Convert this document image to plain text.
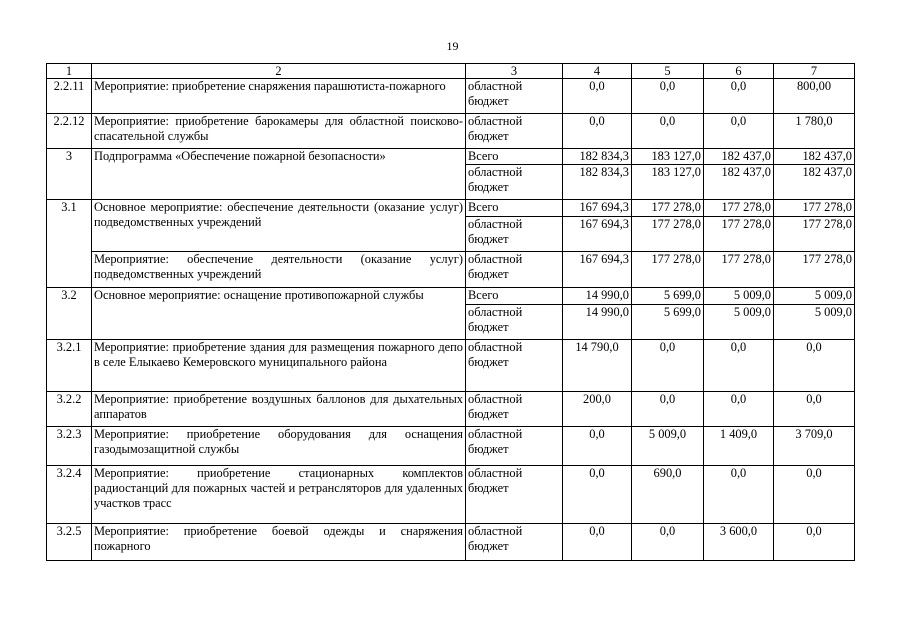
19
1	2	3	4	5	6	7
2.2.11	Мероприятие: приобретение снаряжения парашютиста-пожарного	областной бюджет	0,0	0,0	0,0	800,00
2.2.12	Мероприятие: приобретение барокамеры для областной поисково-спасательной службы	областной бюджет	0,0	0,0	0,0	1 780,0
3	Подпрограмма «Обеспечение пожарной безопасности»	Всего	182 834,3	183 127,0	182 437,0	182 437,0
		областной бюджет	182 834,3	183 127,0	182 437,0	182 437,0
3.1	Основное мероприятие: обеспечение деятельности (оказание услуг) подведомственных учреждений	Всего	167 694,3	177 278,0	177 278,0	177 278,0
		областной бюджет	167 694,3	177 278,0	177 278,0	177 278,0
	Мероприятие: обеспечение деятельности (оказание услуг) подведомственных учреждений	областной бюджет	167 694,3	177 278,0	177 278,0	177 278,0
3.2	Основное мероприятие: оснащение противопожарной службы	Всего	14 990,0	5 699,0	5 009,0	5 009,0
		областной бюджет	14 990,0	5 699,0	5 009,0	5 009,0
3.2.1	Мероприятие: приобретение здания для размещения пожарного депо в селе Елыкаево Кемеровского муниципального района	областной бюджет	14 790,0	0,0	0,0	0,0
3.2.2	Мероприятие: приобретение воздушных баллонов для дыхательных аппаратов	областной бюджет	200,0	0,0	0,0	0,0
3.2.3	Мероприятие: приобретение оборудования для оснащения газодымозащитной службы	областной бюджет	0,0	5 009,0	1 409,0	3 709,0
3.2.4	Мероприятие: приобретение стационарных комплектов радиостанций для пожарных частей и ретрансляторов для удаленных участков трасс	областной бюджет	0,0	690,0	0,0	0,0
3.2.5	Мероприятие: приобретение боевой одежды и снаряжения пожарного	областной бюджет	0,0	0,0	3 600,0	0,0
